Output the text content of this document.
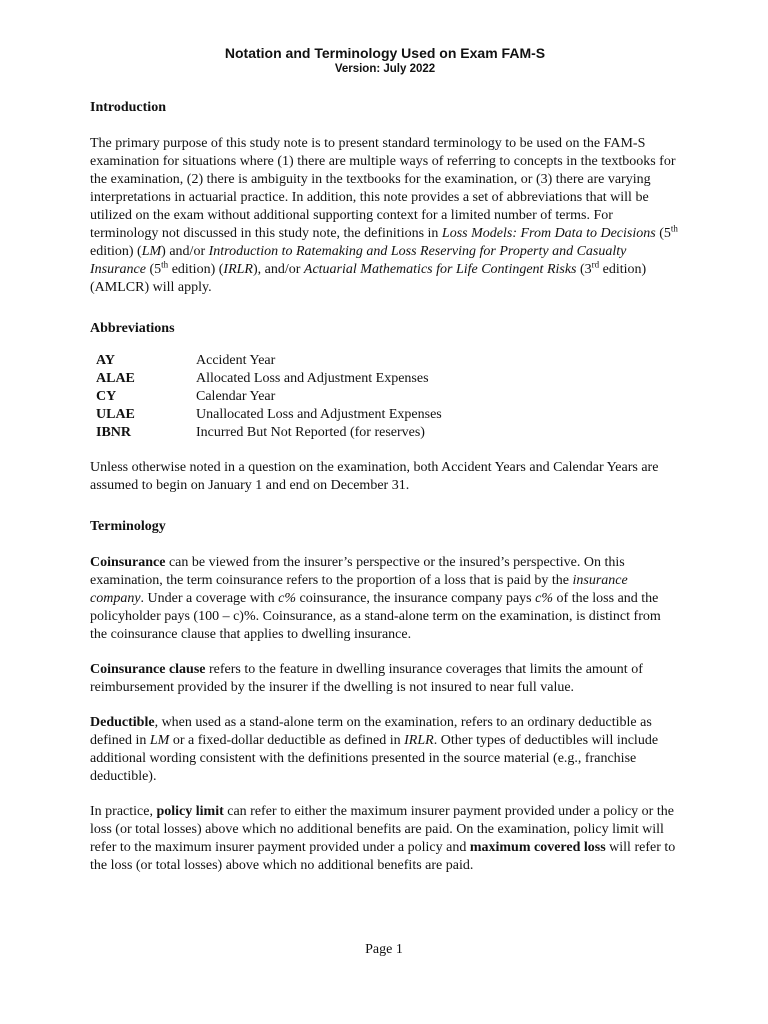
Notation and Terminology Used on Exam FAM-S
Version: July 2022
Introduction

The primary purpose of this study note is to present standard terminology to be used on the FAM-S examination for situations where (1) there are multiple ways of referring to concepts in the textbooks for the examination, (2) there is ambiguity in the textbooks for the examination, or (3) there are varying interpretations in actuarial practice. In addition, this note provides a set of abbreviations that will be utilized on the exam without additional supporting context for a limited number of terms. For terminology not discussed in this study note, the definitions in Loss Models: From Data to Decisions (5th edition) (LM) and/or Introduction to Ratemaking and Loss Reserving for Property and Casualty Insurance (5th edition) (IRLR), and/or Actuarial Mathematics for Life Contingent Risks (3rd edition) (AMLCR) will apply.

Abbreviations
AY	Accident Year
ALAE	Allocated Loss and Adjustment Expenses
CY	Calendar Year
ULAE	Unallocated Loss and Adjustment Expenses
IBNR	Incurred But Not Reported (for reserves)

Unless otherwise noted in a question on the examination, both Accident Years and Calendar Years are assumed to begin on January 1 and end on December 31.

Terminology

Coinsurance can be viewed from the insurer’s perspective or the insured’s perspective. On this examination, the term coinsurance refers to the proportion of a loss that is paid by the insurance company. Under a coverage with c% coinsurance, the insurance company pays c% of the loss and the policyholder pays (100 – c)%. Coinsurance, as a stand-alone term on the examination, is distinct from the coinsurance clause that applies to dwelling insurance.

Coinsurance clause refers to the feature in dwelling insurance coverages that limits the amount of reimbursement provided by the insurer if the dwelling is not insured to near full value.

Deductible, when used as a stand-alone term on the examination, refers to an ordinary deductible as defined in LM or a fixed-dollar deductible as defined in IRLR. Other types of deductibles will include additional wording consistent with the definitions presented in the source material (e.g., franchise deductible).

In practice, policy limit can refer to either the maximum insurer payment provided under a policy or the loss (or total losses) above which no additional benefits are paid. On the examination, policy limit will refer to the maximum insurer payment provided under a policy and maximum covered loss will refer to the loss (or total losses) above which no additional benefits are paid.

Page 1
